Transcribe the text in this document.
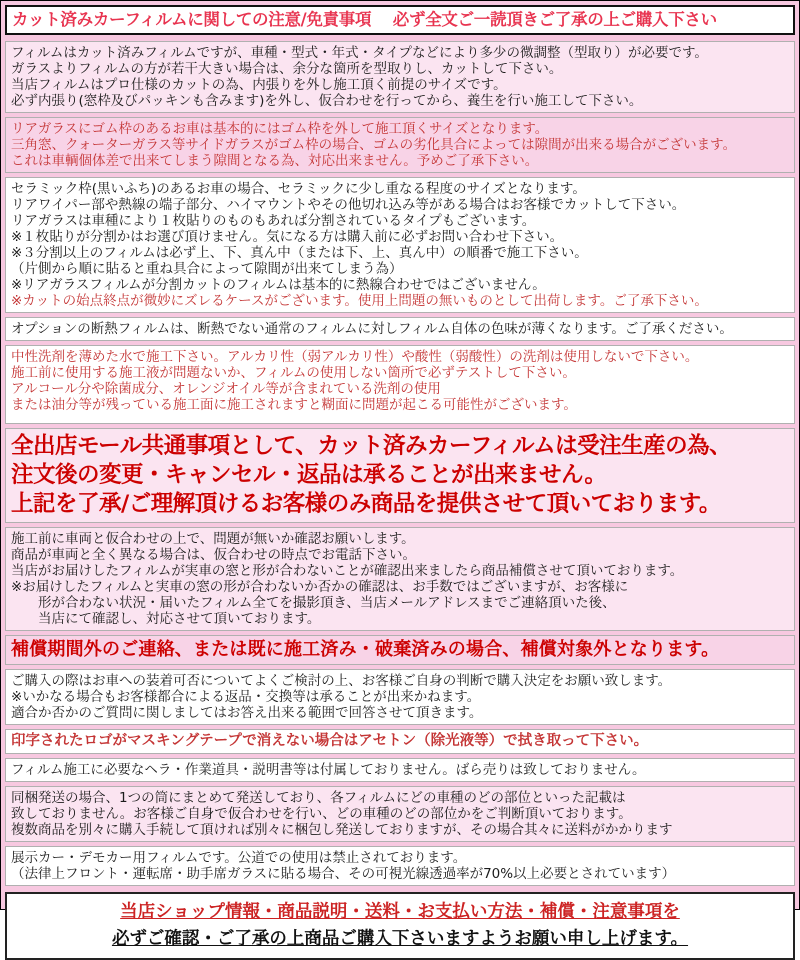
カット済みカーフィルムに関しての注意/免責事項　 必ず全文ご一読頂きご了承の上ご購入下さい
フィルムはカット済みフィルムですが、車種・型式・年式・タイプなどにより多少の微調整（型取り）が必要です。
ガラスよりフィルムの方が若干大きい場合は、余分な箇所を型取りし、カットして下さい。
当店フィルムはプロ仕様のカットの為、内張りを外し施工頂く前提のサイズです。
必ず内張り(窓枠及びパッキンも含みます)を外し、仮合わせを行ってから、養生を行い施工して下さい。
リアガラスにゴム枠のあるお車は基本的にはゴム枠を外して施工頂くサイズとなります。
三角窓、クォーターガラス等サイドガラスがゴム枠の場合、ゴムの劣化具合によっては隙間が出来る場合がございます。
これは車輌個体差で出来てしまう隙間となる為、対応出来ません。予めご了承下さい。
セラミック枠(黒いふち)のあるお車の場合、セラミックに少し重なる程度のサイズとなります。
リアワイパー部や熱線の端子部分、ハイマウントやその他切れ込み等がある場合はお客様でカットして下さい。
リアガラスは車種により１枚貼りのものもあれば分割されているタイプもございます。
※１枚貼りが分割かはお選び頂けません。気になる方は購入前に必ずお問い合わせ下さい。
※３分割以上のフィルムは必ず上、下、真ん中（または下、上、真ん中）の順番で施工下さい。
（片側から順に貼ると重ね具合によって隙間が出来てしまう為）
※リアガラスフィルムが分割カットのフィルムは基本的に熱線合わせではございません。
※カットの始点終点が微妙にズレるケースがございます。使用上問題の無いものとして出荷します。ご了承下さい。
オプションの断熱フィルムは、断熱でない通常のフィルムに対しフィルム自体の色味が薄くなります。ご了承ください。
中性洗剤を薄めた水で施工下さい。アルカリ性（弱アルカリ性）や酸性（弱酸性）の洗剤は使用しないで下さい。
施工前に使用する施工液が問題ないか、フィルムの使用しない箇所で必ずテストして下さい。
アルコール分や除菌成分、オレンジオイル等が含まれている洗剤の使用
または油分等が残っている施工面に施工されますと糊面に問題が起こる可能性がございます。
全出店モール共通事項として、カット済みカーフィルムは受注生産の為、
注文後の変更・キャンセル・返品は承ることが出来ません。
上記を了承/ご理解頂けるお客様のみ商品を提供させて頂いております。
施工前に車両と仮合わせの上で、問題が無いか確認お願いします。
商品が車両と全く異なる場合は、仮合わせの時点でお電話下さい。
当店がお届けしたフィルムが実車の窓と形が合わないことが確認出来ましたら商品補償させて頂いております。
※お届けしたフィルムと実車の窓の形が合わないか否かの確認は、お手数ではございますが、お客様に
　　形が合わない状況・届いたフィルム全てを撮影頂き、当店メールアドレスまでご連絡頂いた後、
　　当店にて確認し、対応させて頂いております。
補償期間外のご連絡、または既に施工済み・破棄済みの場合、補償対象外となります。
ご購入の際はお車への装着可否についてよくご検討の上、お客様ご自身の判断で購入決定をお願い致します。
※いかなる場合もお客様都合による返品・交換等は承ることが出来かねます。
適合か否かのご質問に関しましてはお答え出来る範囲で回答させて頂きます。
印字されたロゴがマスキングテープで消えない場合はアセトン（除光液等）で拭き取って下さい。
フィルム施工に必要なヘラ・作業道具・説明書等は付属しておりません。ばら売りは致しておりません。
同梱発送の場合、1つの筒にまとめて発送しており、各フィルムにどの車種のどの部位といった記載は
致しておりません。お客様ご自身で仮合わせを行い、どの車種のどの部位かをご判断頂いております。
複数商品を別々に購入手続して頂ければ別々に梱包し発送しておりますが、その場合其々に送料がかかります
展示カー・デモカー用フィルムです。公道での使用は禁止されております。
（法律上フロント・運転席・助手席ガラスに貼る場合、その可視光線透過率が70%以上必要とされています）
当店ショップ情報・商品説明・送料・お支払い方法・補償・注意事項を
必ずご確認・ご了承の上商品ご購入下さいますようお願い申し上げます。
